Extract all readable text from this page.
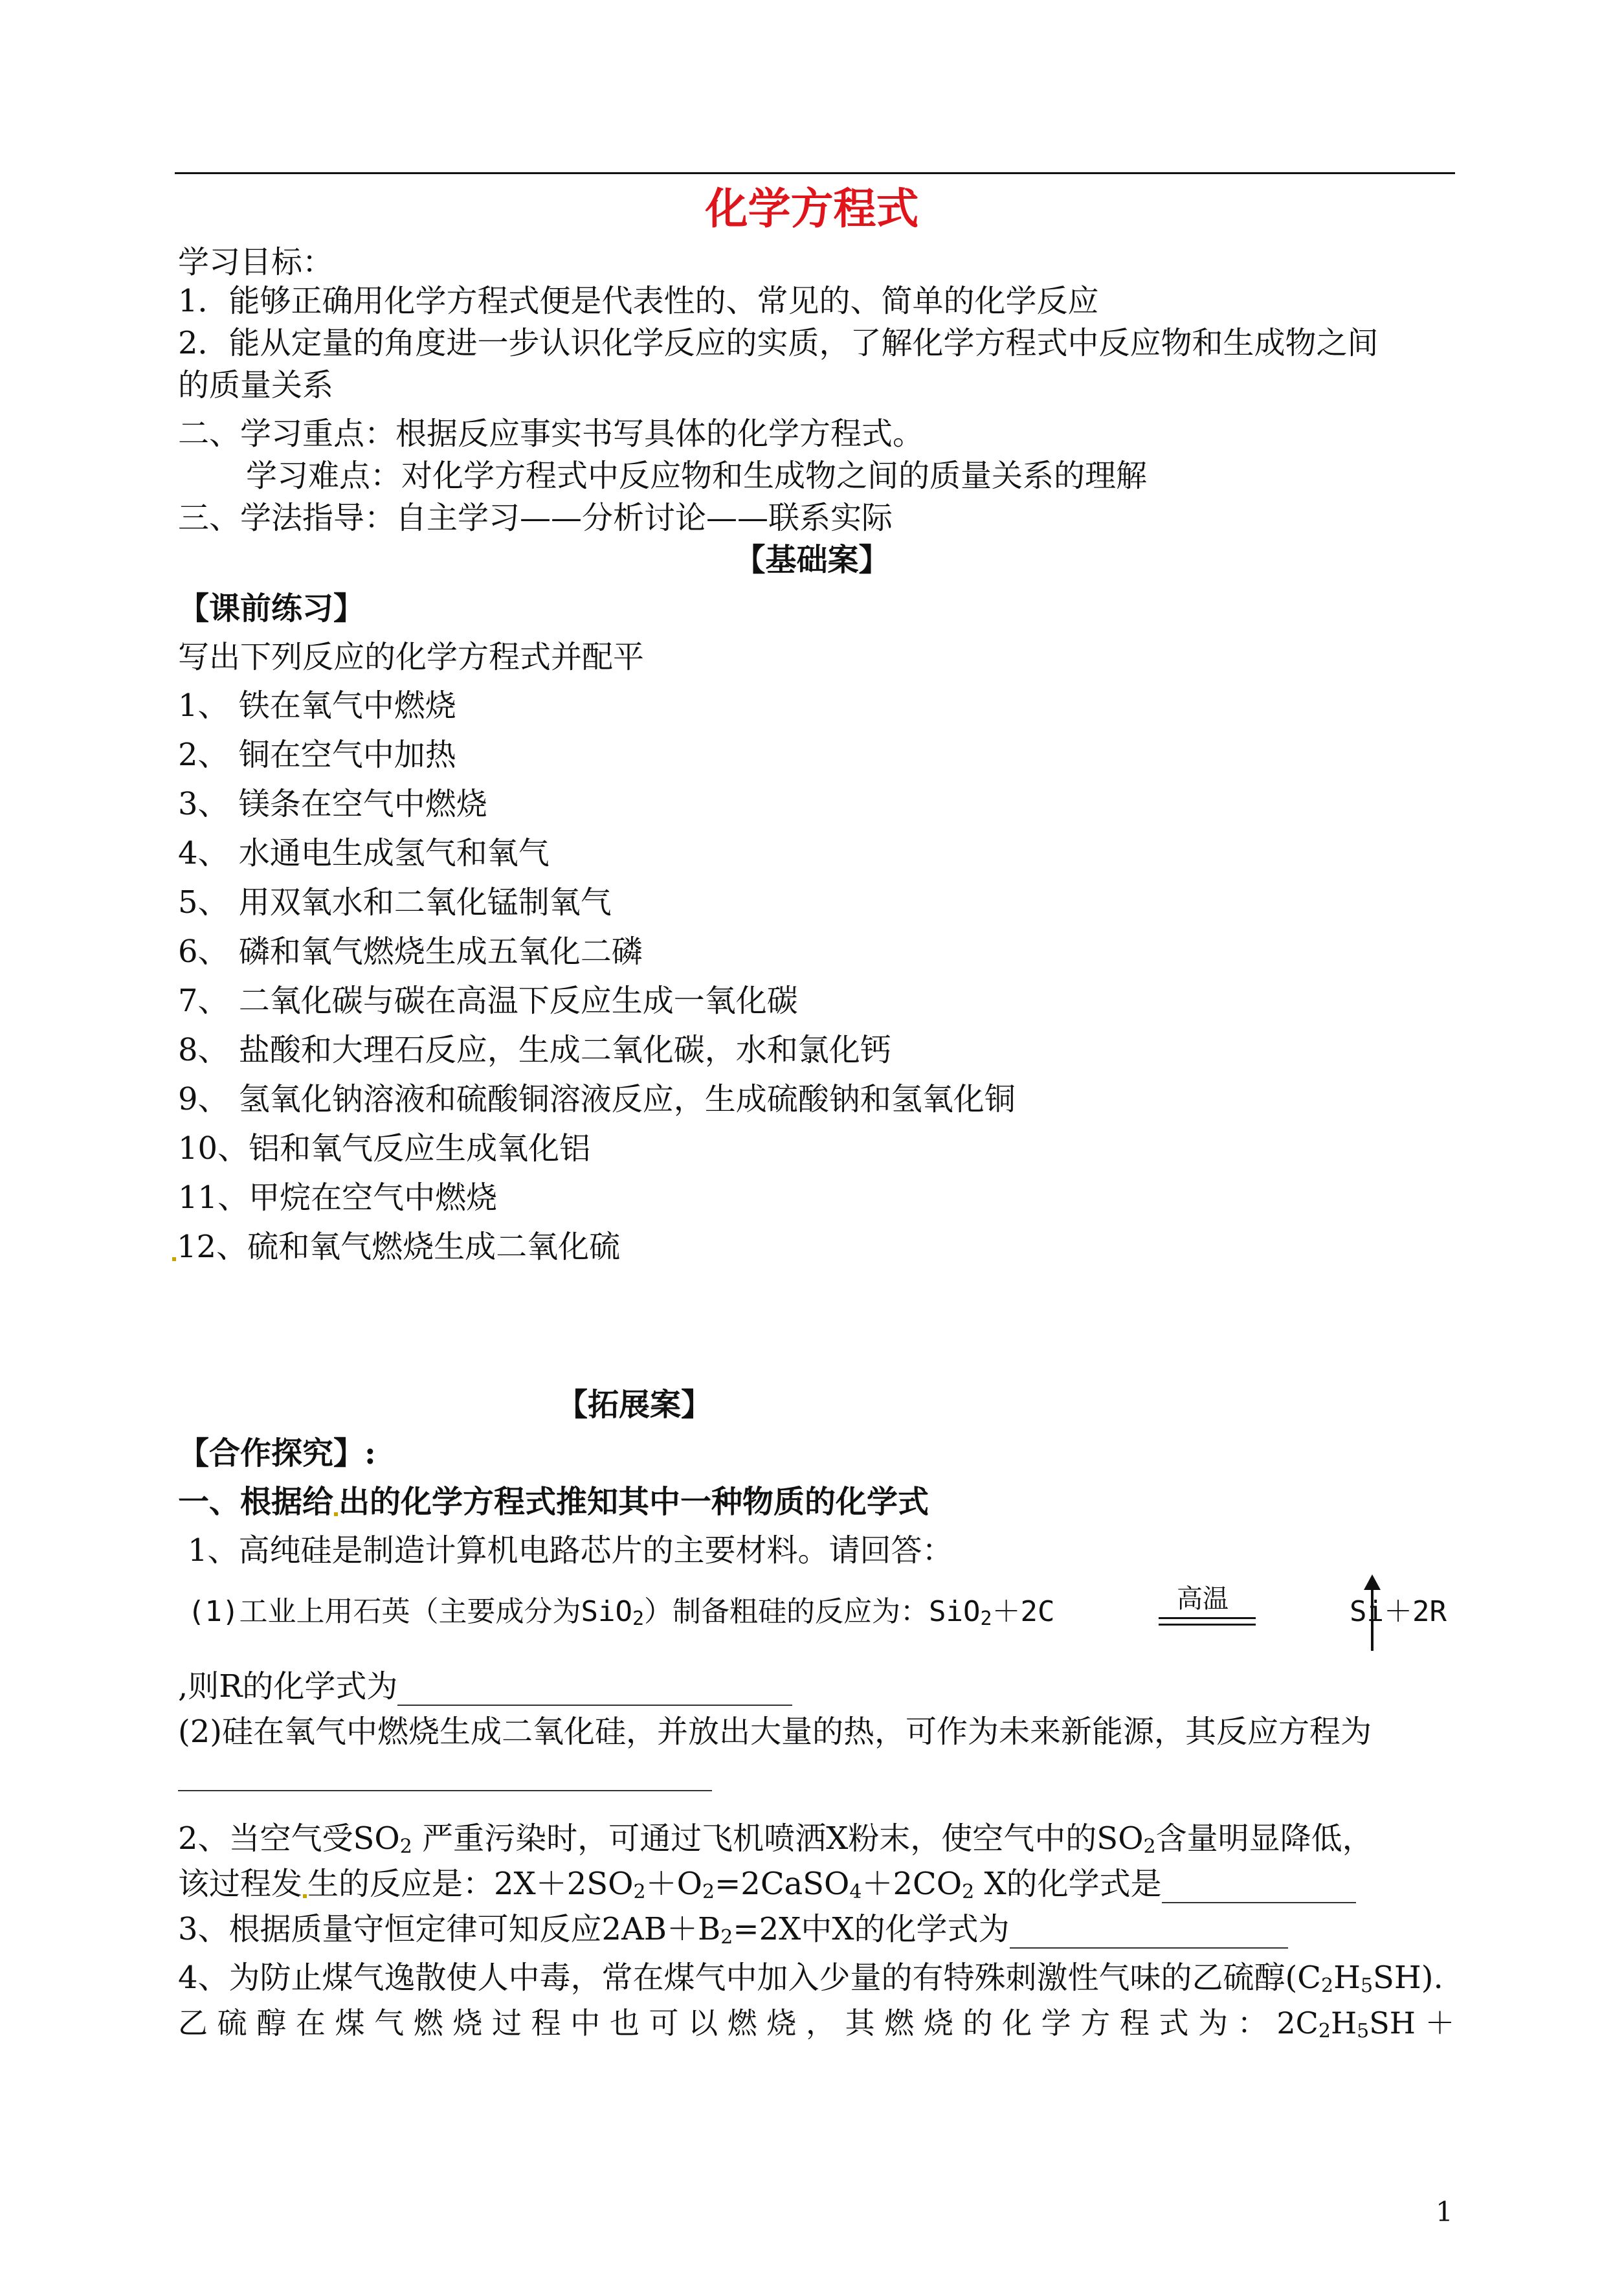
化学方程式
学习目标：
1．能够正确用化学方程式便是代表性的、常见的、简单的化学反应
2．能从定量的角度进一步认识化学反应的实质，了解化学方程式中反应物和生成物之间
的质量关系
二、学习重点：根据反应事实书写具体的化学方程式。
学习难点：对化学方程式中反应物和生成物之间的质量关系的理解
三、学法指导：自主学习——分析讨论——联系实际
【基础案】
【课前练习】
写出下列反应的化学方程式并配平
1、 铁在氧气中燃烧
2、 铜在空气中加热
3、 镁条在空气中燃烧
4、 水通电生成氢气和氧气
5、 用双氧水和二氧化锰制氧气
6、 磷和氧气燃烧生成五氧化二磷
7、 二氧化碳与碳在高温下反应生成一氧化碳
8、 盐酸和大理石反应，生成二氧化碳，水和氯化钙
9、 氢氧化钠溶液和硫酸铜溶液反应，生成硫酸钠和氢氧化铜
10、铝和氧气反应生成氧化铝
11、甲烷在空气中燃烧
12、硫和氧气燃烧生成二氧化硫
【拓展案】
【合作探究】:
一、根据给 出的化学方程式推知其中一种物质的化学式
1、高纯硅是制造计算机电路芯片的主要材料。请回答：
(1)工业上用石英（主要成分为SiO$_2$）制备粗硅的反应为：SiO$_2$＋2C	高温	Si＋2R
,则R的化学式为
(2)硅在氧气中燃烧生成二氧化硅，并放出大量的热，可作为未来新能源，其反应方程为
2、当空气受$SO_2$ 严重污染时，可通过飞机喷洒X粉末，使空气中的$SO_2$含量明显降低，
该过程发 生的反应是：$2X+2SO_2+O_2=2CaSO_4+2CO_2$ X的化学式是
3、根据质量守恒定律可知反应$2AB+B_2=2X$中X的化学式为
4、为防止煤气逸散使人中毒，常在煤气中加入少量的有特殊刺激性气味的乙硫醇$(C_2H_5SH)$.
乙 硫 醇 在 煤 气 燃 烧 过 程 中 也 可 以 燃 烧 ， 其 燃 烧 的 化 学 方 程 式 为 ： $2C_2H_5SH$ ＋
1
